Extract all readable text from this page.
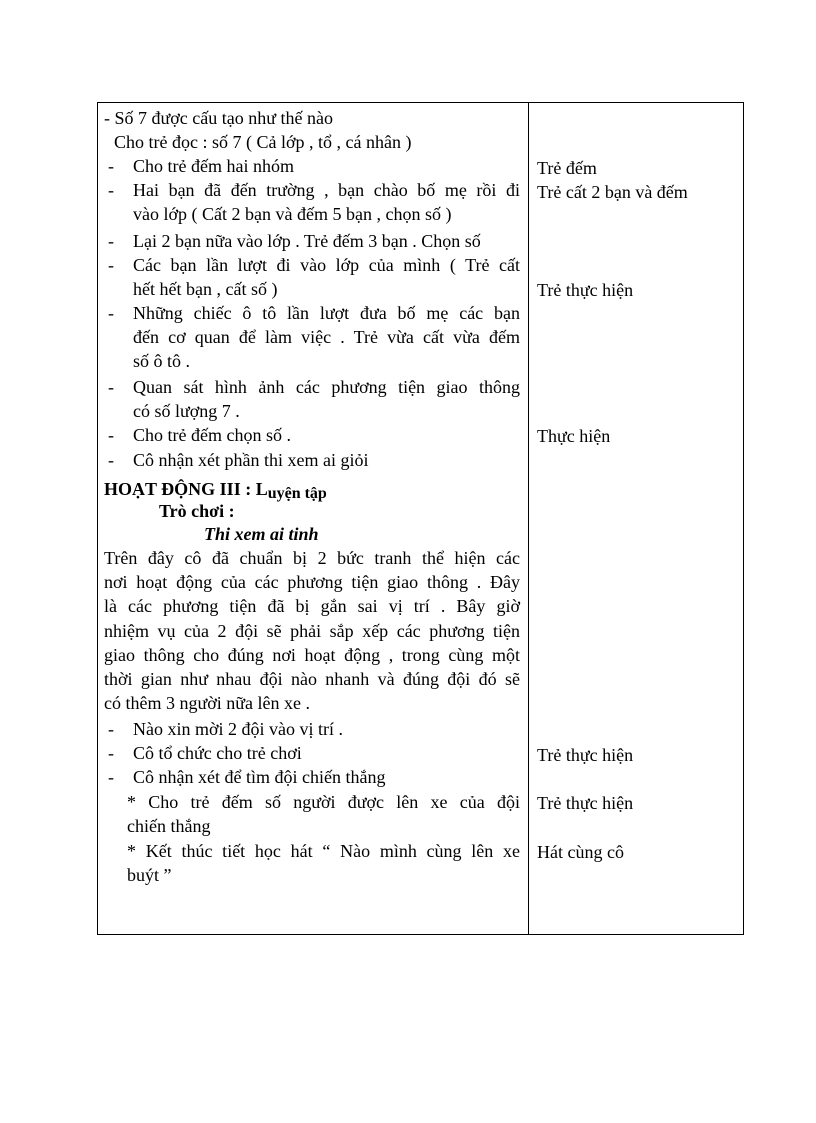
- Số 7 được cấu tạo như thế nào
Cho trẻ đọc : số 7 ( Cả lớp , tổ , cá nhân )
- Cho trẻ đếm hai nhóm
- Hai bạn đã đến trường , bạn chào bố mẹ rồi đi
vào lớp ( Cất 2 bạn và đếm 5 bạn , chọn số )
- Lại 2 bạn nữa vào lớp . Trẻ đếm 3 bạn . Chọn số
- Các bạn lần lượt đi vào lớp của mình ( Trẻ cất
hết hết bạn , cất số )
- Những chiếc ô tô lần lượt đưa bố mẹ các bạn
đến cơ quan để làm việc . Trẻ vừa cất vừa đếm
số ô tô .
- Quan sát hình ảnh các phương tiện giao thông
có số lượng 7 .
- Cho trẻ đếm chọn số .
- Cô nhận xét phần thi xem ai giỏi
HOẠT ĐỘNG III : Luyện tập
Trò chơi :
Thi xem ai tinh
Trên đây cô đã chuẩn bị 2 bức tranh thể hiện các
nơi hoạt động của các phương tiện giao thông . Đây
là các phương tiện đã bị gắn sai vị trí . Bây giờ
nhiệm vụ của 2 đội sẽ phải sắp xếp các phương tiện
giao thông cho đúng nơi hoạt động , trong cùng một
thời gian như nhau đội nào nhanh và đúng đội đó sẽ
có thêm 3 người nữa lên xe .
- Nào xin mời 2 đội vào vị trí .
- Cô tổ chức cho trẻ chơi
- Cô nhận xét để tìm đội chiến thắng
* Cho trẻ đếm số người được lên xe của đội
chiến thắng
* Kết thúc tiết học hát “ Nào mình cùng lên xe
buýt ”
Trẻ đếm
Trẻ cất 2 bạn và đếm
Trẻ thực hiện
Thực hiện
Trẻ thực hiện
Trẻ thực hiện
Hát cùng cô
